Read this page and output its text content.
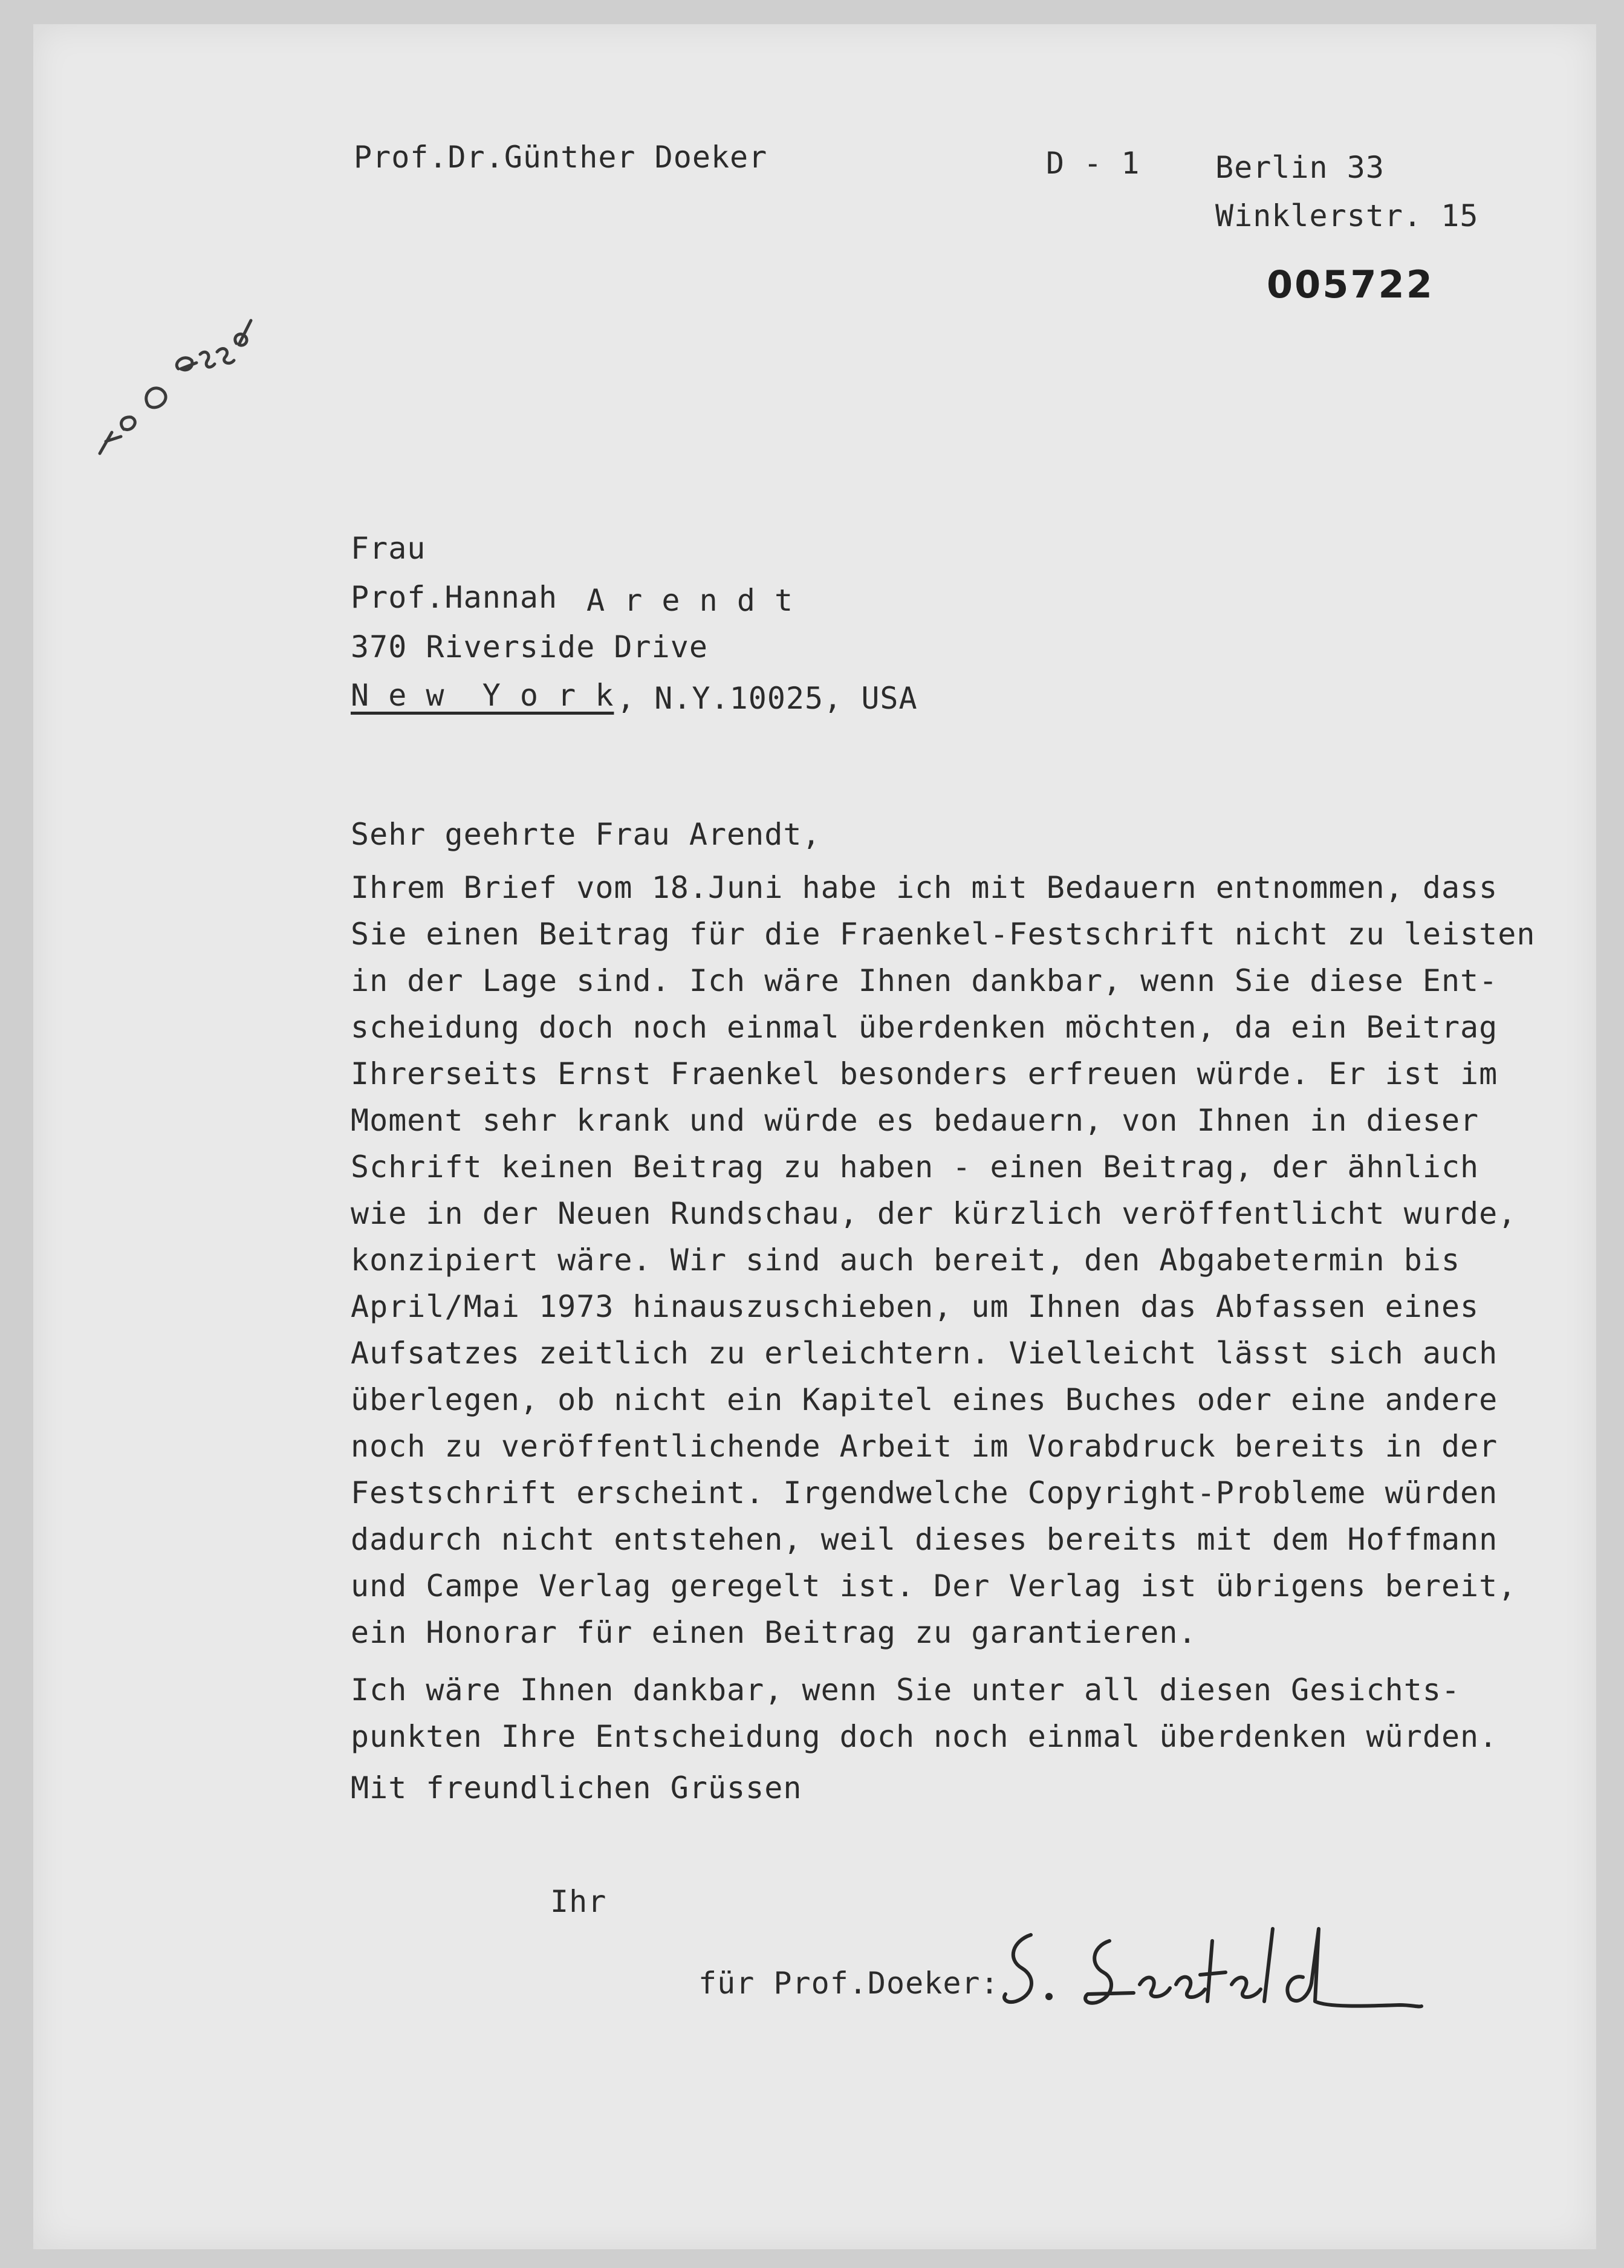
Prof.Dr.Günther Doeker	D - 1 Berlin 33
Winklerstr. 15
005722
Frau
Prof.Hannah A r e n d t
370 Riverside Drive
N e w  Y o r k , N.Y.10025, USA
Sehr geehrte Frau Arendt,
Ihrem Brief vom 18.Juni habe ich mit Bedauern entnommen, dass
Sie einen Beitrag für die Fraenkel-Festschrift nicht zu leisten
in der Lage sind. Ich wäre Ihnen dankbar, wenn Sie diese Ent-
scheidung doch noch einmal überdenken möchten, da ein Beitrag
Ihrerseits Ernst Fraenkel besonders erfreuen würde. Er ist im
Moment sehr krank und würde es bedauern, von Ihnen in dieser
Schrift keinen Beitrag zu haben - einen Beitrag, der ähnlich
wie in der Neuen Rundschau, der kürzlich veröffentlicht wurde,
konzipiert wäre. Wir sind auch bereit, den Abgabetermin bis
April/Mai 1973 hinauszuschieben, um Ihnen das Abfassen eines
Aufsatzes zeitlich zu erleichtern. Vielleicht lässt sich auch
überlegen, ob nicht ein Kapitel eines Buches oder eine andere
noch zu veröffentlichende Arbeit im Vorabdruck bereits in der
Festschrift erscheint. Irgendwelche Copyright-Probleme würden
dadurch nicht entstehen, weil dieses bereits mit dem Hoffmann
und Campe Verlag geregelt ist. Der Verlag ist übrigens bereit,
ein Honorar für einen Beitrag zu garantieren.
Ich wäre Ihnen dankbar, wenn Sie unter all diesen Gesichts-
punkten Ihre Entscheidung doch noch einmal überdenken würden.
Mit freundlichen Grüssen
Ihr
für Prof.Doeker:
